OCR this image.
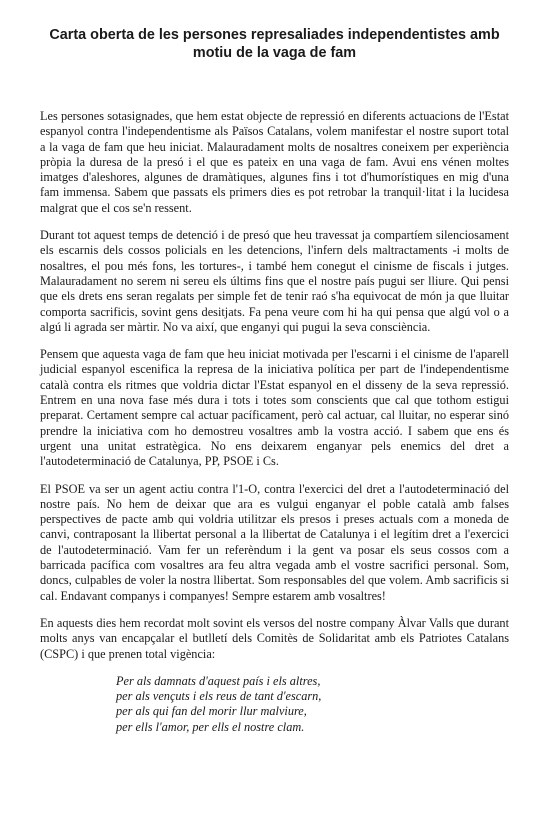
Carta oberta de les persones represaliades independentistes amb motiu de la vaga de fam

Les persones sotasignades, que hem estat objecte de repressió en diferents actuacions de l'Estat espanyol contra l'independentisme als Països Catalans, volem manifestar el nostre suport total a la vaga de fam que heu iniciat. Malauradament molts de nosaltres coneixem per experiència pròpia la duresa de la presó i el que es pateix en una vaga de fam. Avui ens vénen moltes imatges d'aleshores, algunes de dramàtiques, algunes fins i tot d'humorístiques en mig d'una fam immensa. Sabem que passats els primers dies es pot retrobar la tranquil·litat i la lucidesa malgrat que el cos se'n ressent.

Durant tot aquest temps de detenció i de presó que heu travessat ja compartíem silenciosament els escarnis dels cossos policials en les detencions, l'infern dels maltractaments -i molts de nosaltres, el pou més fons, les tortures-, i també hem conegut el cinisme de fiscals i jutges. Malauradament no serem ni sereu els últims fins que el nostre país pugui ser lliure. Qui pensi que els drets ens seran regalats per simple fet de tenir raó s'ha equivocat de món ja que lluitar comporta sacrificis, sovint gens desitjats. Fa pena veure com hi ha qui pensa que algú vol o a algú li agrada ser màrtir. No va així, que enganyi qui pugui la seva consciència.

Pensem que aquesta vaga de fam que heu iniciat motivada per l'escarni i el cinisme de l'aparell judicial espanyol escenifica la represa de la iniciativa política per part de l'independentisme català contra els ritmes que voldria dictar l'Estat espanyol en el disseny de la seva repressió. Entrem en una nova fase més dura i tots i totes som conscients que cal que tothom estigui preparat. Certament sempre cal actuar pacíficament, però cal actuar, cal lluitar, no esperar sinó prendre la iniciativa com ho demostreu vosaltres amb la vostra acció. I sabem que ens és urgent una unitat estratègica. No ens deixarem enganyar pels enemics del dret a l'autodeterminació de Catalunya, PP, PSOE i Cs.

El PSOE va ser un agent actiu contra l'1-O, contra l'exercici del dret a l'autodeterminació del nostre país. No hem de deixar que ara es vulgui enganyar el poble català amb falses perspectives de pacte amb qui voldria utilitzar els presos i preses actuals com a moneda de canvi, contraposant la llibertat personal a la llibertat de Catalunya i el legítim dret a l'exercici de l'autodeterminació. Vam fer un referèndum i la gent va posar els seus cossos com a barricada pacífica com vosaltres ara feu altra vegada amb el vostre sacrifici personal. Som, doncs, culpables de voler la nostra llibertat. Som responsables del que volem. Amb sacrificis si cal. Endavant companys i companyes! Sempre estarem amb vosaltres!

En aquests dies hem recordat molt sovint els versos del nostre company Àlvar Valls que durant molts anys van encapçalar el butlletí dels Comitès de Solidaritat amb els Patriotes Catalans (CSPC) i que prenen total vigència:

Per als damnats d'aquest país i els altres,
per als vençuts i els reus de tant d'escarn,
per als qui fan del morir llur malviure,
per ells l'amor, per ells el nostre clam.
